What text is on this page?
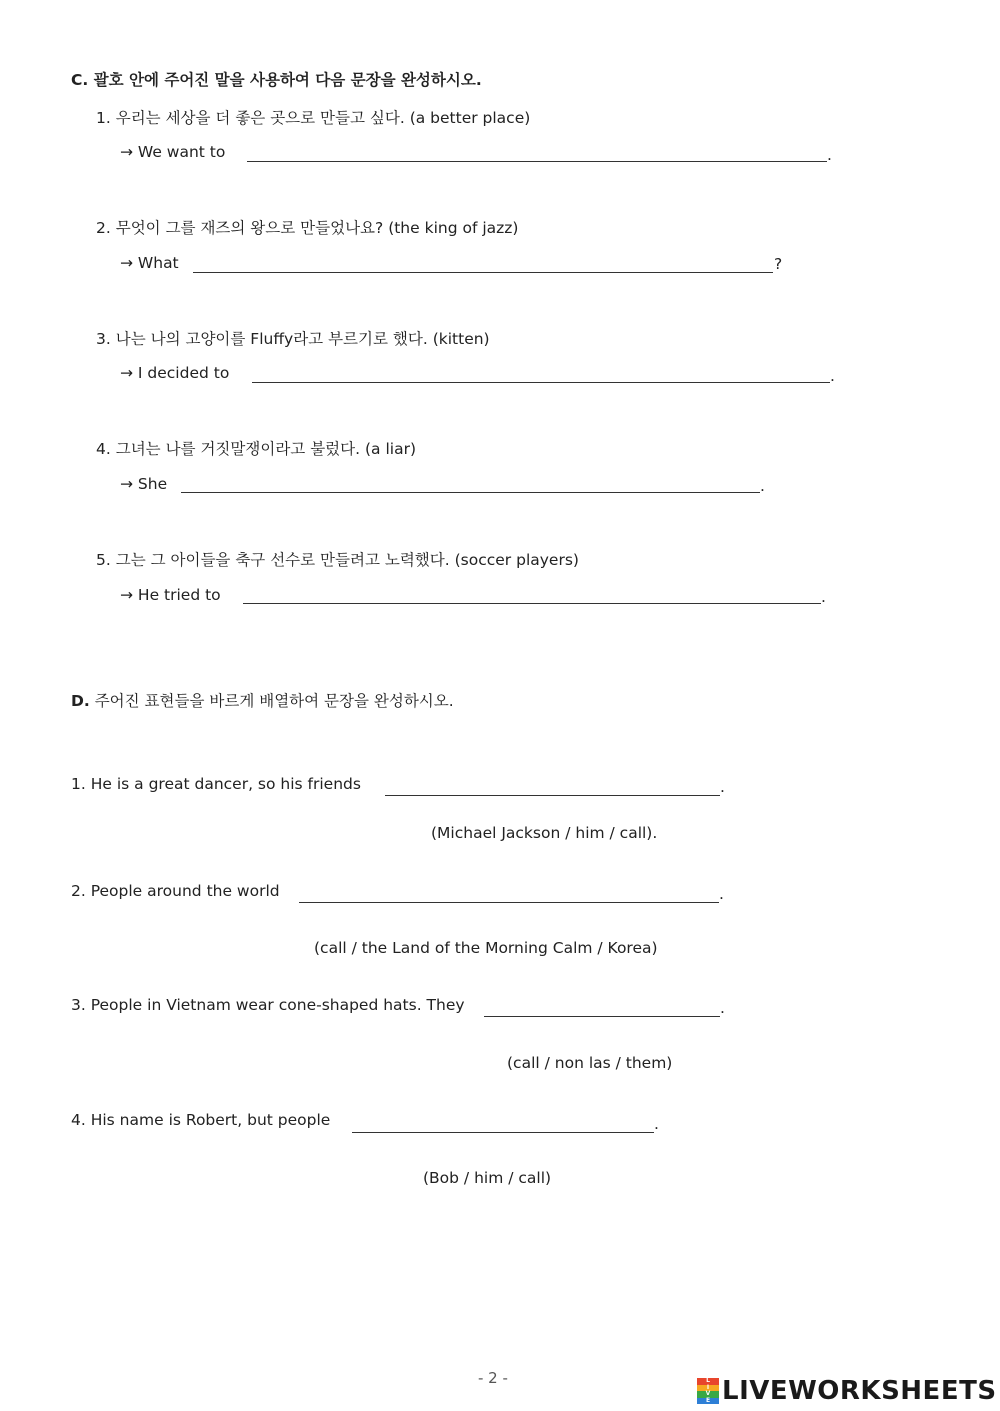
C. 괄호 안에 주어진 말을 사용하여 다음 문장을 완성하시오.
1. 우리는 세상을 더 좋은 곳으로 만들고 싶다. (a better place)
→ We want to	.
2. 무엇이 그를 재즈의 왕으로 만들었나요? (the king of jazz)
→ What	?
3. 나는 나의 고양이를 Fluffy라고 부르기로 했다. (kitten)
→ I decided to	.
4. 그녀는 나를 거짓말쟁이라고 불렀다. (a liar)
→ She	.
5. 그는 그 아이들을 축구 선수로 만들려고 노력했다. (soccer players)
→ He tried to	.
D. 주어진 표현들을 바르게 배열하여 문장을 완성하시오.
1. He is a great dancer, so his friends	.
(Michael Jackson / him / call).
2. People around the world	.
(call / the Land of the Morning Calm / Korea)
3. People in Vietnam wear cone-shaped hats. They	.
(call / non las / them)
4. His name is Robert, but people	.
(Bob / him / call)
- 2 -	L
I
V
E LIVEWORKSHEETS
